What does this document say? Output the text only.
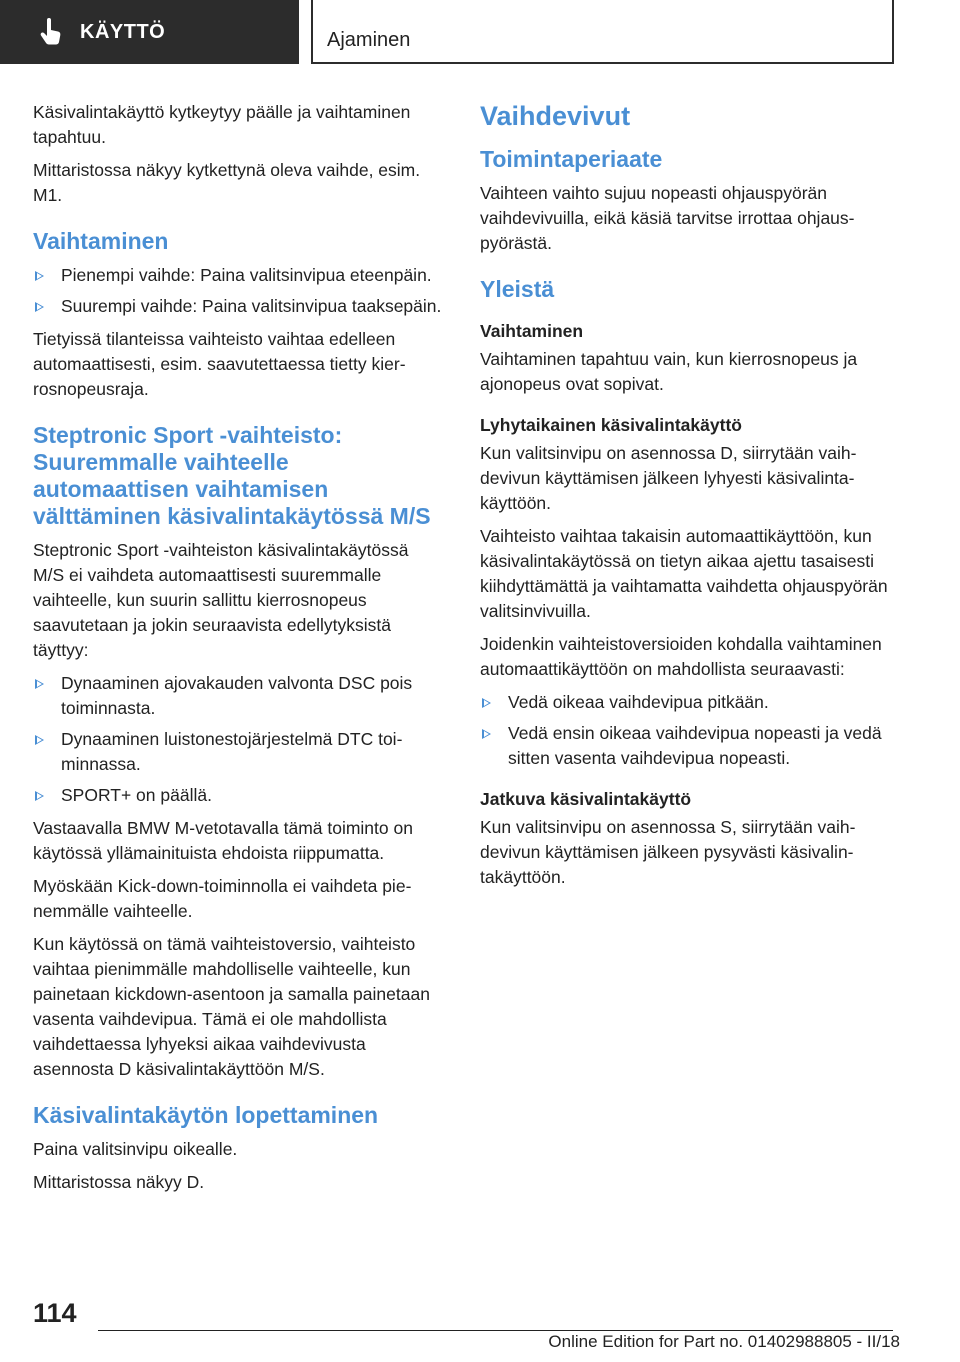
KÄYTTÖ	Ajaminen

Käsivalintakäyttö kytkeytyy päälle ja vaihtaminen tapahtuu.

Mittaristossa näkyy kytkettynä oleva vaihde, esim. M1.

Vaihtaminen
Pienempi vaihde: Paina valitsinvipua eteenpäin.
Suurempi vaihde: Paina valitsinvipua taaksepäin.

Tietyissä tilanteissa vaihteisto vaihtaa edelleen automaattisesti, esim. saavutettaessa tietty kierrosnopeusraja.

Steptronic Sport -vaihteisto: Suuremmalle vaihteelle automaattisen vaihtamisen välttäminen käsivalintakäytössä M/S

Steptronic Sport -vaihteiston käsivalintakäytössä M/S ei vaihdeta automaattisesti suuremmalle vaihteelle, kun suurin sallittu kierrosnopeus saavutetaan ja jokin seuraavista edellytyksistä täyttyy:

Dynaaminen ajovakauden valvonta DSC pois toiminnasta.
Dynaaminen luistonestojärjestelmä DTC toiminnassa.
SPORT+ on päällä.

Vastaavalla BMW M-vetotavalla tämä toiminto on käytössä yllämainituista ehdoista riippumatta.

Myöskään Kick-down-toiminnolla ei vaihdeta pienemmälle vaihteelle.

Kun käytössä on tämä vaihteistoversio, vaihteisto vaihtaa pienimmälle mahdolliselle vaihteelle, kun painetaan kickdown-asentoon ja samalla painetaan vasenta vaihdevipua. Tämä ei ole mahdollista vaihdettaessa lyhyeksi aikaa vaihdevivusta asennosta D käsivalintakäyttöön M/S.

Käsivalintakäytön lopettaminen

Paina valitsinvipu oikealle.

Mittaristossa näkyy D.

Vaihdevivut
Toimintaperiaate

Vaihteen vaihto sujuu nopeasti ohjauspyörän vaihdevivuilla, eikä käsiä tarvitse irrottaa ohjauspyörästä.

Yleistä
Vaihtaminen

Vaihtaminen tapahtuu vain, kun kierrosnopeus ja ajonopeus ovat sopivat.

Lyhytaikainen käsivalintakäyttö

Kun valitsinvipu on asennossa D, siirrytään vaihdevivun käyttämisen jälkeen lyhyesti käsivalintakäyttöön.

Vaihteisto vaihtaa takaisin automaattikäyttöön, kun käsivalintakäytössä on tietyn aikaa ajettu tasaisesti kiihdyttämättä ja vaihtamatta vaihdetta ohjauspyörän valitsinvivuilla.

Joidenkin vaihteistoversioiden kohdalla vaihtaminen automaattikäyttöön on mahdollista seuraavasti:

Vedä oikeaa vaihdevipua pitkään.
Vedä ensin oikeaa vaihdevipua nopeasti ja vedä sitten vasenta vaihdevipua nopeasti.
Jatkuva käsivalintakäyttö

Kun valitsinvipu on asennossa S, siirrytään vaihdevivun käyttämisen jälkeen pysyvästi käsivalintakäyttöön.

114
Online Edition for Part no. 01402988805 - II/18
